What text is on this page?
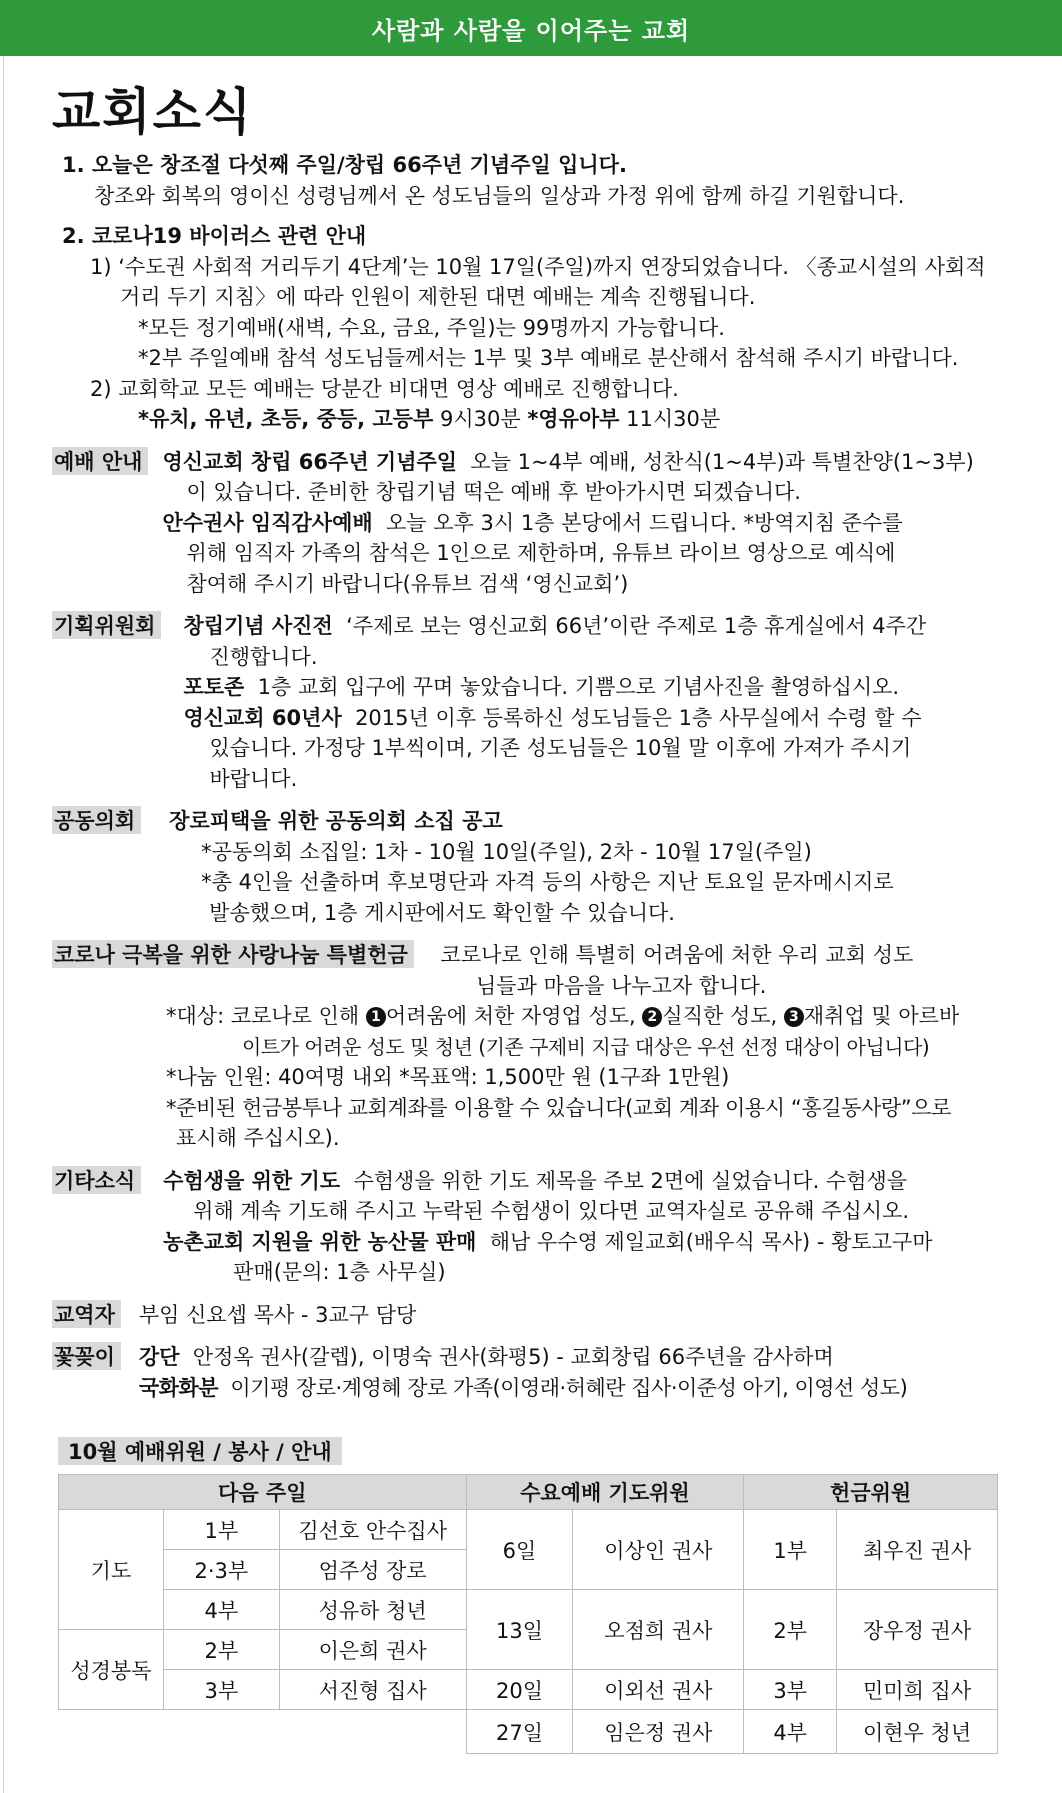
사람과 사람을 이어주는 교회
교회소식

1. 오늘은 창조절 다섯째 주일/창립 66주년 기념주일 입니다.

창조와 회복의 영이신 성령님께서 온 성도님들의 일상과 가정 위에 함께 하길 기원합니다.

2. 코로나19 바이러스 관련 안내

1) ‘수도권 사회적 거리두기 4단계’는 10월 17일(주일)까지 연장되었습니다. 〈종교시설의 사회적

거리 두기 지침〉에 따라 인원이 제한된 대면 예배는 계속 진행됩니다.

*모든 정기예배(새벽, 수요, 금요, 주일)는 99명까지 가능합니다.

*2부 주일예배 참석 성도님들께서는 1부 및 3부 예배로 분산해서 참석해 주시기 바랍니다.

2) 교회학교 모든 예배는 당분간 비대면 영상 예배로 진행합니다.

*유치, 유년, 초등, 중등, 고등부 9시30분 *영유아부 11시30분

예배 안내 영신교회 창립 66주년 기념주일 오늘 1~4부 예배, 성찬식(1~4부)과 특별찬양(1~3부)

이 있습니다. 준비한 창립기념 떡은 예배 후 받아가시면 되겠습니다.

안수권사 임직감사예배 오늘 오후 3시 1층 본당에서 드립니다. *방역지침 준수를

위해 임직자 가족의 참석은 1인으로 제한하며, 유튜브 라이브 영상으로 예식에

참여해 주시기 바랍니다(유튜브 검색 ‘영신교회’)

기획위원회 창립기념 사진전 ‘주제로 보는 영신교회 66년’이란 주제로 1층 휴게실에서 4주간

진행합니다.

포토존 1층 교회 입구에 꾸며 놓았습니다. 기쁨으로 기념사진을 촬영하십시오.

영신교회 60년사 2015년 이후 등록하신 성도님들은 1층 사무실에서 수령 할 수

있습니다. 가정당 1부씩이며, 기존 성도님들은 10월 말 이후에 가져가 주시기

바랍니다.

공동의회 장로피택을 위한 공동의회 소집 공고

*공동의회 소집일: 1차 - 10월 10일(주일), 2차 - 10월 17일(주일)

*총 4인을 선출하며 후보명단과 자격 등의 사항은 지난 토요일 문자메시지로

발송했으며, 1층 게시판에서도 확인할 수 있습니다.

코로나 극복을 위한 사랑나눔 특별헌금 코로나로 인해 특별히 어려움에 처한 우리 교회 성도

님들과 마음을 나누고자 합니다.

*대상: 코로나로 인해 1 어려움에 처한 자영업 성도, 2 실직한 성도, 3 재취업 및 아르바

이트가 어려운 성도 및 청년 (기존 구제비 지급 대상은 우선 선정 대상이 아닙니다)

*나눔 인원: 40여명 내외 *목표액: 1,500만 원 (1구좌 1만원)

*준비된 헌금봉투나 교회계좌를 이용할 수 있습니다(교회 계좌 이용시 “홍길동사랑”으로

표시해 주십시오).

기타소식 수험생을 위한 기도 수험생을 위한 기도 제목을 주보 2면에 실었습니다. 수험생을

위해 계속 기도해 주시고 누락된 수험생이 있다면 교역자실로 공유해 주십시오.

농촌교회 지원을 위한 농산물 판매 해남 우수영 제일교회(배우식 목사) - 황토고구마

판매(문의: 1층 사무실)

교역자 부임 신요셉 목사 - 3교구 담당

꽃꽂이 강단 안정옥 권사(갈렙), 이명숙 권사(화평5) - 교회창립 66주년을 감사하며

국화화분 이기평 장로·계영혜 장로 가족(이영래·허혜란 집사·이준성 아기, 이영선 성도)

10월 예배위원 / 봉사 / 안내
다음 주일			수요예배 기도위원		헌금위원	
기도	1부	김선호 안수집사	6일	이상인 권사	1부	최우진 권사
	2·3부	엄주성 장로				
	4부	성유하 청년	13일	오점희 권사	2부	장우정 권사
성경봉독	2부	이은희 권사				
	3부	서진형 집사	20일	이외선 권사	3부	민미희 집사
			27일	임은정 권사	4부	이현우 청년
